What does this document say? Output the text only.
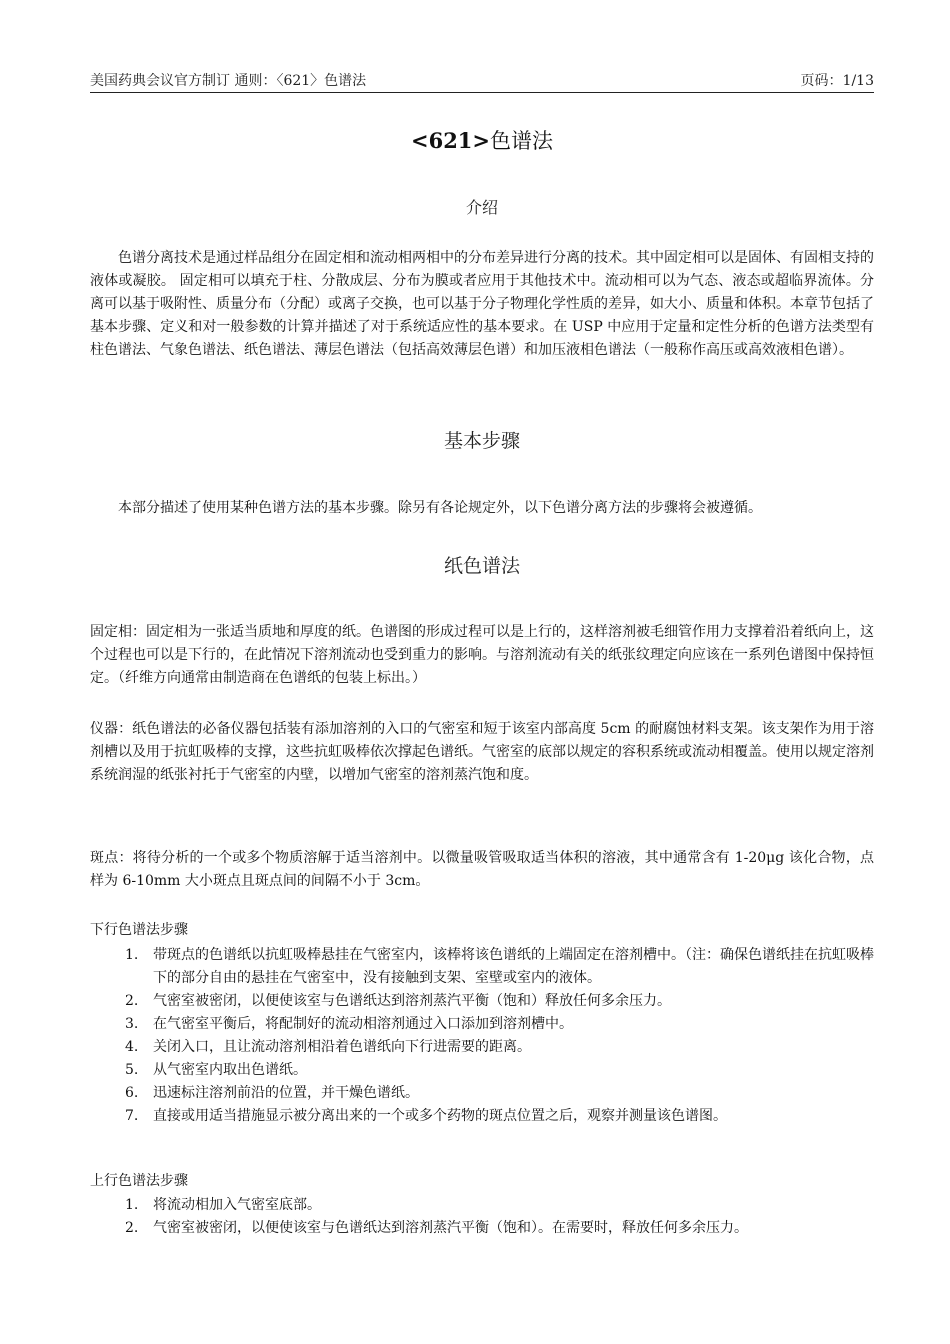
美国药典会议官方制订 通则：〈621〉色谱法	页码：1/13
<621>色谱法
介绍
色谱分离技术是通过样品组分在固定相和流动相两相中的分布差异进行分离的技术。其中固定相可以是固体、有固相支持的液体或凝胶。 固定相可以填充于柱、分散成层、分布为膜或者应用于其他技术中。流动相可以为气态、液态或超临界流体。分离可以基于吸附性、质量分布（分配）或离子交换，也可以基于分子物理化学性质的差异，如大小、质量和体积。本章节包括了基本步骤、定义和对一般参数的计算并描述了对于系统适应性的基本要求。在 USP 中应用于定量和定性分析的色谱方法类型有柱色谱法、气象色谱法、纸色谱法、薄层色谱法（包括高效薄层色谱）和加压液相色谱法（一般称作高压或高效液相色谱）。
基本步骤
本部分描述了使用某种色谱方法的基本步骤。除另有各论规定外，以下色谱分离方法的步骤将会被遵循。
纸色谱法
固定相：固定相为一张适当质地和厚度的纸。色谱图的形成过程可以是上行的，这样溶剂被毛细管作用力支撑着沿着纸向上，这个过程也可以是下行的，在此情况下溶剂流动也受到重力的影响。与溶剂流动有关的纸张纹理定向应该在一系列色谱图中保持恒定。（纤维方向通常由制造商在色谱纸的包装上标出。）
仪器：纸色谱法的必备仪器包括装有添加溶剂的入口的气密室和短于该室内部高度 5cm 的耐腐蚀材料支架。该支架作为用于溶剂槽以及用于抗虹吸棒的支撑，这些抗虹吸棒依次撑起色谱纸。气密室的底部以规定的容积系统或流动相覆盖。使用以规定溶剂系统润湿的纸张衬托于气密室的内壁，以增加气密室的溶剂蒸汽饱和度。
斑点：将待分析的一个或多个物质溶解于适当溶剂中。以微量吸管吸取适当体积的溶液，其中通常含有 1-20μg 该化合物，点样为 6-10mm 大小斑点且斑点间的间隔不小于 3cm。
下行色谱法步骤
1. 带斑点的色谱纸以抗虹吸棒悬挂在气密室内，该棒将该色谱纸的上端固定在溶剂槽中。（注：确保色谱纸挂在抗虹吸棒下的部分自由的悬挂在气密室中，没有接触到支架、室壁或室内的液体。
2. 气密室被密闭，以便使该室与色谱纸达到溶剂蒸汽平衡（饱和）释放任何多余压力。
3. 在气密室平衡后，将配制好的流动相溶剂通过入口添加到溶剂槽中。
4. 关闭入口，且让流动溶剂相沿着色谱纸向下行进需要的距离。
5. 从气密室内取出色谱纸。
6. 迅速标注溶剂前沿的位置，并干燥色谱纸。
7. 直接或用适当措施显示被分离出来的一个或多个药物的斑点位置之后，观察并测量该色谱图。
上行色谱法步骤
1. 将流动相加入气密室底部。
2. 气密室被密闭，以便使该室与色谱纸达到溶剂蒸汽平衡（饱和）。在需要时，释放任何多余压力。
